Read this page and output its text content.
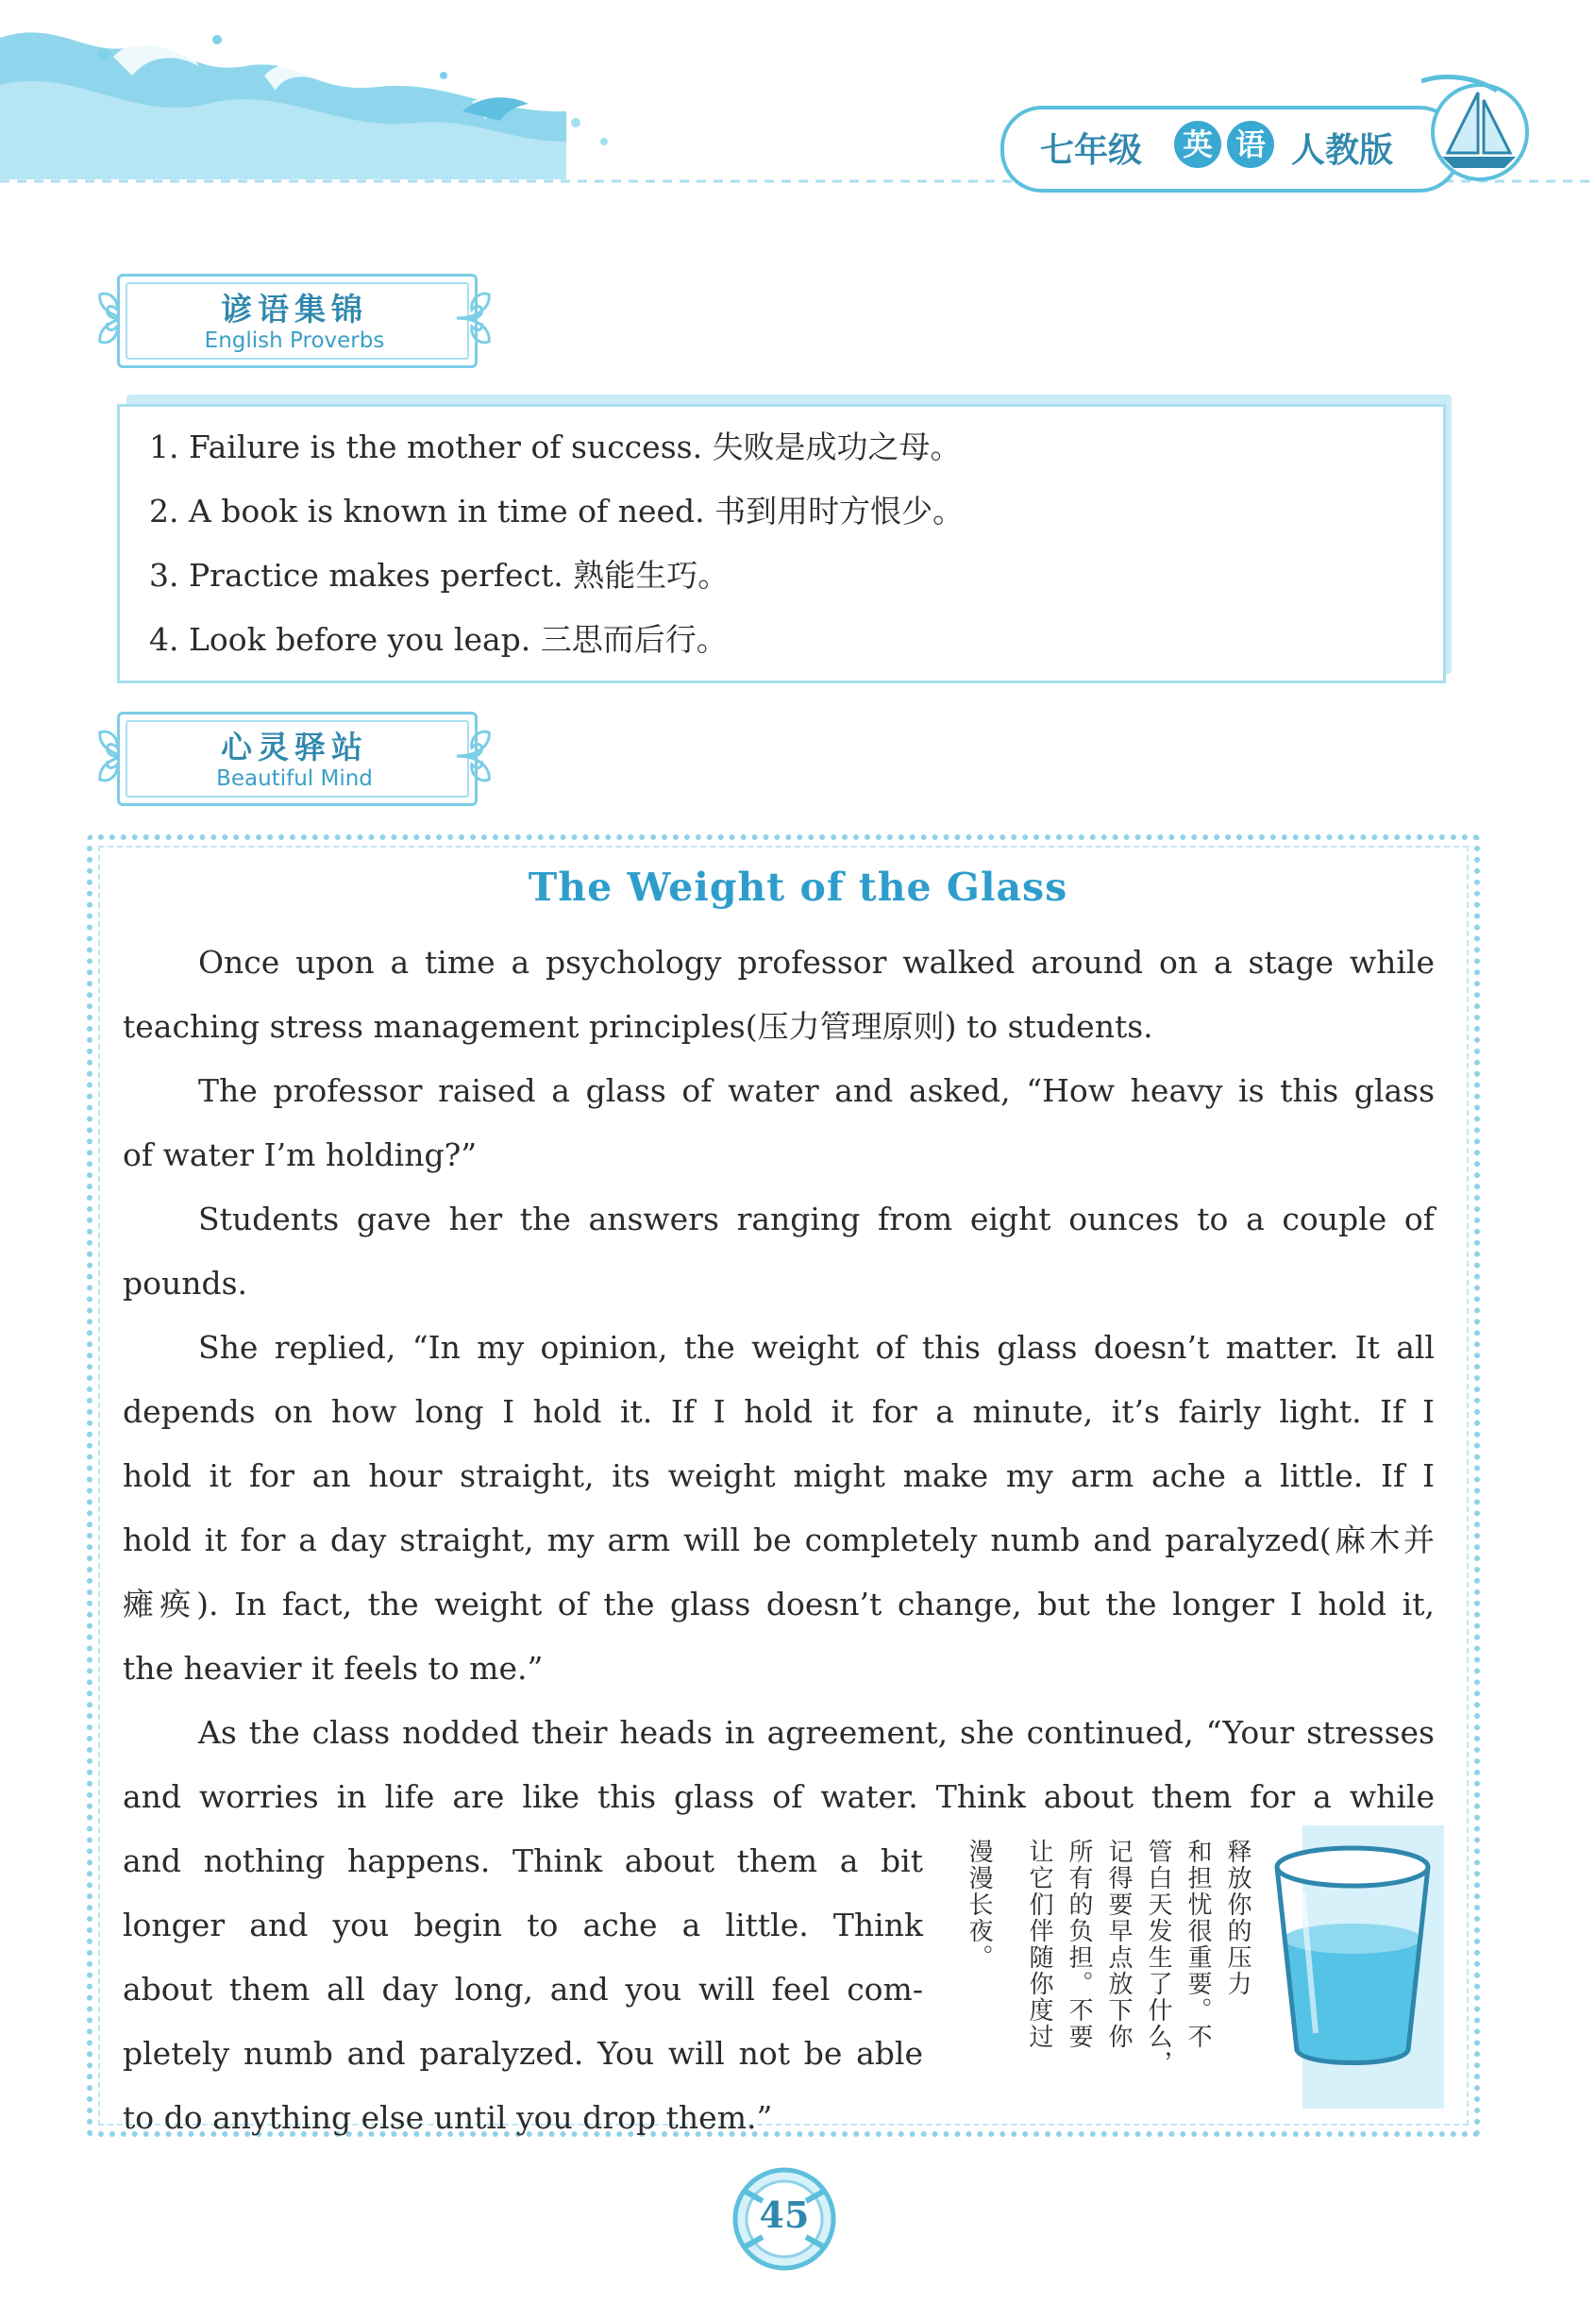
七年级 英 语 人教版
谚语集锦
English Proverbs
1. Failure is the mother of success. 失败是成功之母。
2. A book is known in time of need. 书到用时方恨少。
3. Practice makes perfect. 熟能生巧。
4. Look before you leap. 三思而后行。
心灵驿站
Beautiful Mind
The Weight of the Glass
Once upon a time a psychology professor walked around on a stage while
teaching stress management principles(压力管理原则) to students.
The professor raised a glass of water and asked, “How heavy is this glass
of water I’m holding?”
Students gave her the answers ranging from eight ounces to a couple of
pounds.
She replied, “In my opinion, the weight of this glass doesn’t matter. It all
depends on how long I hold it. If I hold it for a minute, it’s fairly light. If I
hold it for an hour straight, its weight might make my arm ache a little. If I
hold it for a day straight, my arm will be completely numb and paralyzed(麻木并
瘫痪). In fact, the weight of the glass doesn’t change, but the longer I hold it,
the heavier it feels to me.”
As the class nodded their heads in agreement, she continued, “Your stresses
and worries in life are like this glass of water. Think about them for a while
and nothing happens. Think about them a bit
longer and you begin to ache a little. Think
about them all day long, and you will feel com-
pletely numb and paralyzed. You will not be able
to do anything else until you drop them.”
释放你的压力
和担忧很重要。不
管白天发生了什么，
记得要早点放下你
所有的负担。不要
让它们伴随你度过
漫漫长夜。
45
